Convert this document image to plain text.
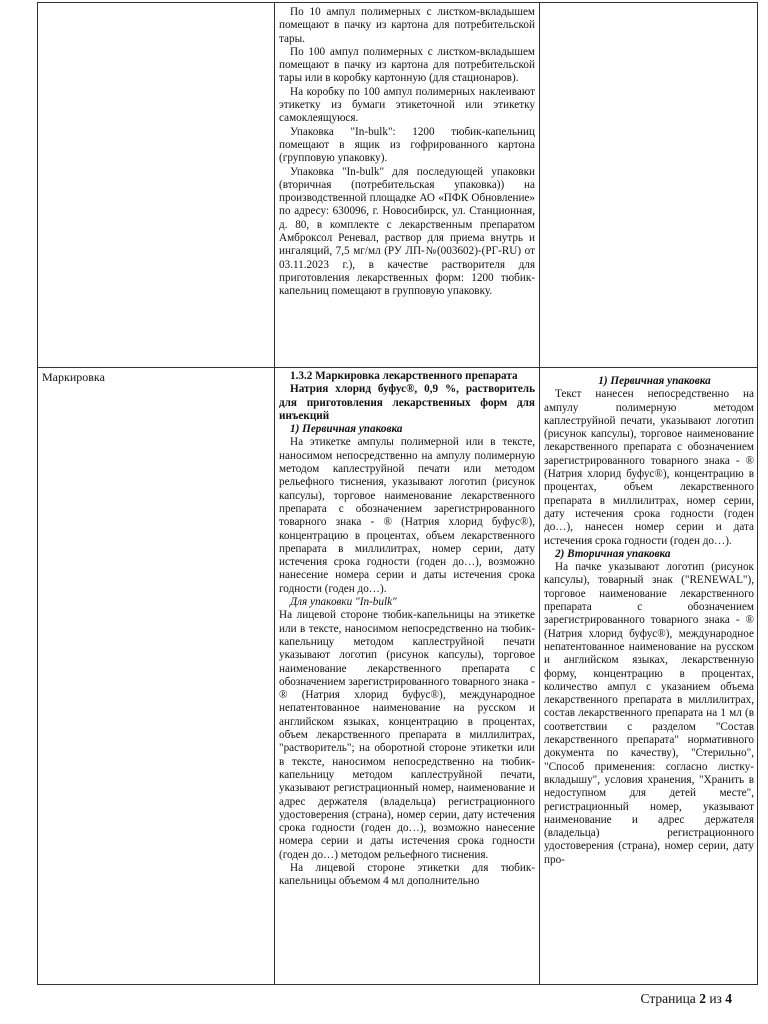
По 10 ампул полимерных с листком-вкладышем помещают в пачку из картона для потребительской тары.

По 100 ампул полимерных с листком-вкладышем помещают в пачку из картона для потребительской тары или в коробку картонную (для стационаров).

На коробку по 100 ампул полимерных наклеивают этикетку из бумаги этикеточной или этикетку самоклеящуюся.

Упаковка "In-bulk": 1200 тюбик-капельниц помещают в ящик из гофрированного картона (групповую упаковку).

Упаковка "In-bulk" для последующей упаковки (вторичная (потребительская упаковка)) на производственной площадке АО «ПФК Обновление» по адресу: 630096, г. Новосибирск, ул. Станционная, д. 80, в комплекте с лекарственным препаратом Амброксол Реневал, раствор для приема внутрь и ингаляций, 7,5 мг/мл (РУ ЛП-№(003602)-(РГ-RU) от 03.11.2023 г.), в качестве растворителя для приготовления лекарственных форм: 1200 тюбик-капельниц помещают в групповую упаковку.

Маркировка	1.3.2 Маркировка лекарственного препарата

Натрия хлорид буфус®, 0,9 %, растворитель для приготовления лекарственных форм для инъекций

1) Первичная упаковка

На этикетке ампулы полимерной или в тексте, наносимом непосредственно на ампулу полимерную методом каплеструйной печати или методом рельефного тиснения, указывают логотип (рисунок капсулы), торговое наименование лекарственного препарата с обозначением зарегистрированного товарного знака - ® (Натрия хлорид буфус®), концентрацию в процентах, объем лекарственного препарата в миллилитрах, номер серии, дату истечения срока годности (годен до…), возможно нанесение номера серии и даты истечения срока годности (годен до…).

Для упаковки "In-bulk"

На лицевой стороне тюбик-капельницы на этикетке или в тексте, наносимом непосредственно на тюбик-капельницу методом каплеструйной печати указывают логотип (рисунок капсулы), торговое наименование лекарственного препарата с обозначением зарегистрированного товарного знака - ® (Натрия хлорид буфус®), международное непатентованное наименование на русском и английском языках, концентрацию в процентах, объем лекарственного препарата в миллилитрах, "растворитель"; на оборотной стороне этикетки или в тексте, наносимом непосредственно на тюбик-капельницу методом каплеструйной печати, указывают регистрационный номер, наименование и адрес держателя (владельца) регистрационного удостоверения (страна), номер серии, дату истечения срока годности (годен до…), возможно нанесение номера серии и даты истечения срока годности (годен до…) методом рельефного тиснения.

На лицевой стороне этикетки для тюбик-капельницы объемом 4 мл дополнительно

1) Первичная упаковка

Текст нанесен непосредственно на ампулу полимерную методом каплеструйной печати, указывают логотип (рисунок капсулы), торговое наименование лекарственного препарата с обозначением зарегистрированного товарного знака - ® (Натрия хлорид буфус®), концентрацию в процентах, объем лекарственного препарата в миллилитрах, номер серии, дату истечения срока годности (годен до…), нанесен номер серии и дата истечения срока годности (годен до…).

2) Вторичная упаковка

На пачке указывают логотип (рисунок капсулы), товарный знак ("RENEWAL"), торговое наименование лекарственного препарата с обозначением зарегистрированного товарного знака - ® (Натрия хлорид буфус®), международное непатентованное наименование на русском и английском языках, лекарственную форму, концентрацию в процентах, количество ампул с указанием объема лекарственного препарата в миллилитрах, состав лекарственного препарата на 1 мл (в соответствии с разделом "Состав лекарственного препарата" нормативного документа по качеству), "Стерильно", "Способ применения: согласно листку-вкладышу", условия хранения, "Хранить в недоступном для детей месте", регистрационный номер, указывают наименование и адрес держателя (владельца) регистрационного удостоверения (страна), номер серии, дату про-

Страница 2 из 4
